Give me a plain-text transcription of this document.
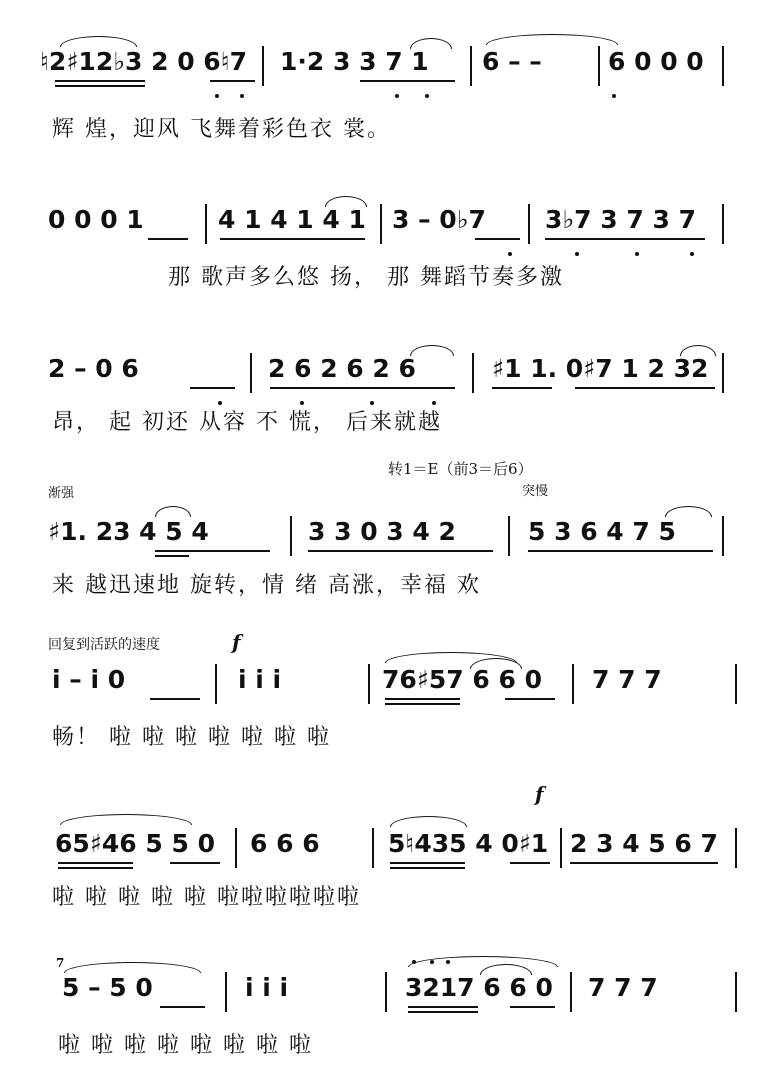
♮2♯12♭3 2 0 6♮7 1·2 3 3 7 1 6 – –	6 0 0 0
辉 煌，迎风 飞舞着彩色衣 裳。
0 0 0 1	4 1 4 1 4 1 3 – 0♭7 3♭7 3 7 3 7
那 歌声多么悠 扬， 那 舞蹈节奏多激
2 – 0 6	2 6 2 6 2 6	♯1 1. 0♯7 1 2 32
昂， 起 初还 从容 不 慌， 后来就越
转1＝E（前3＝后6）
突慢
渐强
♯1. 23 4 5 4	3 3 0 3 4 2	5 3 6 4 7 5
来 越迅速地 旋转，情 绪 高涨，幸福 欢
回复到活跃的速度	f
i – i 0	i i i	76♯57 6 6 0 7 7 7
畅！ 啦 啦 啦 啦 啦 啦 啦
f
65♯46 5 5 0 6 6 6	5♮435 4 0♯1 2 3 4 5 6 7
啦 啦 啦 啦 啦 啦啦啦啦啦啦
7
5 – 5 0	i i i	3217 6 6 0 7 7 7
啦 啦 啦 啦 啦 啦 啦 啦
